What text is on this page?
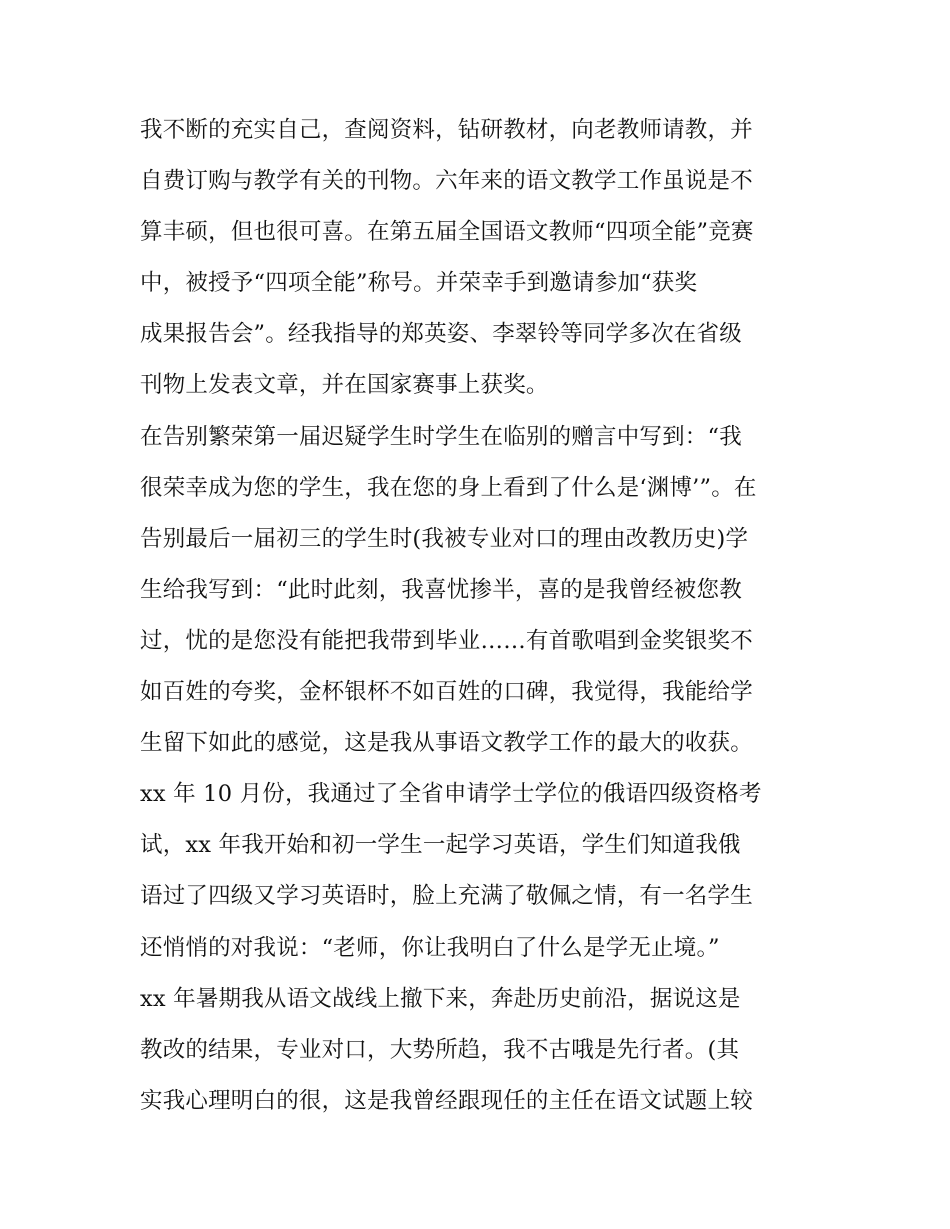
我不断的充实自己，查阅资料，钻研教材，向老教师请教，并
自费订购与教学有关的刊物。六年来的语文教学工作虽说是不
算丰硕，但也很可喜。在第五届全国语文教师“四项全能”竞赛
中，被授予“四项全能”称号。并荣幸手到邀请参加“获奖
成果报告会”。经我指导的郑英姿、李翠铃等同学多次在省级
刊物上发表文章，并在国家赛事上获奖。
在告别繁荣第一届迟疑学生时学生在临别的赠言中写到：“我
很荣幸成为您的学生，我在您的身上看到了什么是‘渊博’”。在
告别最后一届初三的学生时(我被专业对口的理由改教历史)学
生给我写到：“此时此刻，我喜忧掺半，喜的是我曾经被您教
过，忧的是您没有能把我带到毕业……有首歌唱到金奖银奖不
如百姓的夸奖，金杯银杯不如百姓的口碑，我觉得，我能给学
生留下如此的感觉，这是我从事语文教学工作的最大的收获。
xx 年 10 月份，我通过了全省申请学士学位的俄语四级资格考
试，xx 年我开始和初一学生一起学习英语，学生们知道我俄
语过了四级又学习英语时，脸上充满了敬佩之情，有一名学生
还悄悄的对我说：“老师，你让我明白了什么是学无止境。”
xx 年暑期我从语文战线上撤下来，奔赴历史前沿，据说这是
教改的结果，专业对口，大势所趋，我不古哦是先行者。(其
实我心理明白的很，这是我曾经跟现任的主任在语文试题上较
